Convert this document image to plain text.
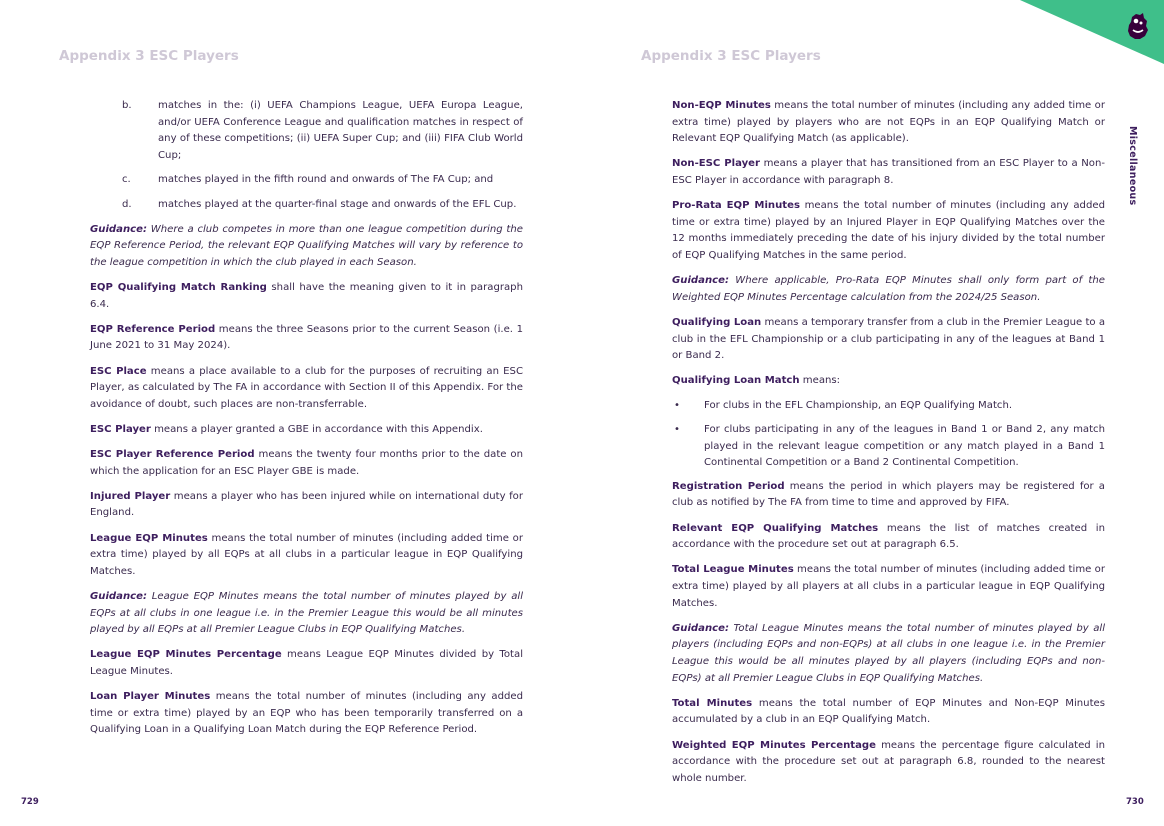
Appendix 3 ESC Players
b.	matches in the: (i) UEFA Champions League, UEFA Europa League, and/or UEFA Conference League and qualification matches in respect of any of these competitions; (ii) UEFA Super Cup; and (iii) FIFA Club World Cup;
c.	matches played in the fifth round and onwards of The FA Cup; and
d.	matches played at the quarter-final stage and onwards of the EFL Cup.

Guidance: Where a club competes in more than one league competition during the EQP Reference Period, the relevant EQP Qualifying Matches will vary by reference to the league competition in which the club played in each Season.

EQP Qualifying Match Ranking shall have the meaning given to it in paragraph 6.4.

EQP Reference Period means the three Seasons prior to the current Season (i.e. 1 June 2021 to 31 May 2024).

ESC Place means a place available to a club for the purposes of recruiting an ESC Player, as calculated by The FA in accordance with Section II of this Appendix. For the avoidance of doubt, such places are non-transferrable.

ESC Player means a player granted a GBE in accordance with this Appendix.

ESC Player Reference Period means the twenty four months prior to the date on which the application for an ESC Player GBE is made.

Injured Player means a player who has been injured while on international duty for England.

League EQP Minutes means the total number of minutes (including added time or extra time) played by all EQPs at all clubs in a particular league in EQP Qualifying Matches.

Guidance: League EQP Minutes means the total number of minutes played by all EQPs at all clubs in one league i.e. in the Premier League this would be all minutes played by all EQPs at all Premier League Clubs in EQP Qualifying Matches.

League EQP Minutes Percentage means League EQP Minutes divided by Total League Minutes.

Loan Player Minutes means the total number of minutes (including any added time or extra time) played by an EQP who has been temporarily transferred on a Qualifying Loan in a Qualifying Loan Match during the EQP Reference Period.

729
Appendix 3 ESC Players

Non-EQP Minutes means the total number of minutes (including any added time or extra time) played by players who are not EQPs in an EQP Qualifying Match or Relevant EQP Qualifying Match (as applicable).

Non-ESC Player means a player that has transitioned from an ESC Player to a Non-ESC Player in accordance with paragraph 8.

Pro-Rata EQP Minutes means the total number of minutes (including any added time or extra time) played by an Injured Player in EQP Qualifying Matches over the 12 months immediately preceding the date of his injury divided by the total number of EQP Qualifying Matches in the same period.

Guidance: Where applicable, Pro-Rata EQP Minutes shall only form part of the Weighted EQP Minutes Percentage calculation from the 2024/25 Season.

Qualifying Loan means a temporary transfer from a club in the Premier League to a club in the EFL Championship or a club participating in any of the leagues at Band 1 or Band 2.

Qualifying Loan Match means:

•	For clubs in the EFL Championship, an EQP Qualifying Match.
•	For clubs participating in any of the leagues in Band 1 or Band 2, any match played in the relevant league competition or any match played in a Band 1 Continental Competition or a Band 2 Continental Competition.

Registration Period means the period in which players may be registered for a club as notified by The FA from time to time and approved by FIFA.

Relevant EQP Qualifying Matches means the list of matches created in accordance with the procedure set out at paragraph 6.5.

Total League Minutes means the total number of minutes (including added time or extra time) played by all players at all clubs in a particular league in EQP Qualifying Matches.

Guidance: Total League Minutes means the total number of minutes played by all players (including EQPs and non-EQPs) at all clubs in one league i.e. in the Premier League this would be all minutes played by all players (including EQPs and non-EQPs) at all Premier League Clubs in EQP Qualifying Matches.

Total Minutes means the total number of EQP Minutes and Non-EQP Minutes accumulated by a club in an EQP Qualifying Match.

Weighted EQP Minutes Percentage means the percentage figure calculated in accordance with the procedure set out at paragraph 6.8, rounded to the nearest whole number.

730
Miscellaneous
